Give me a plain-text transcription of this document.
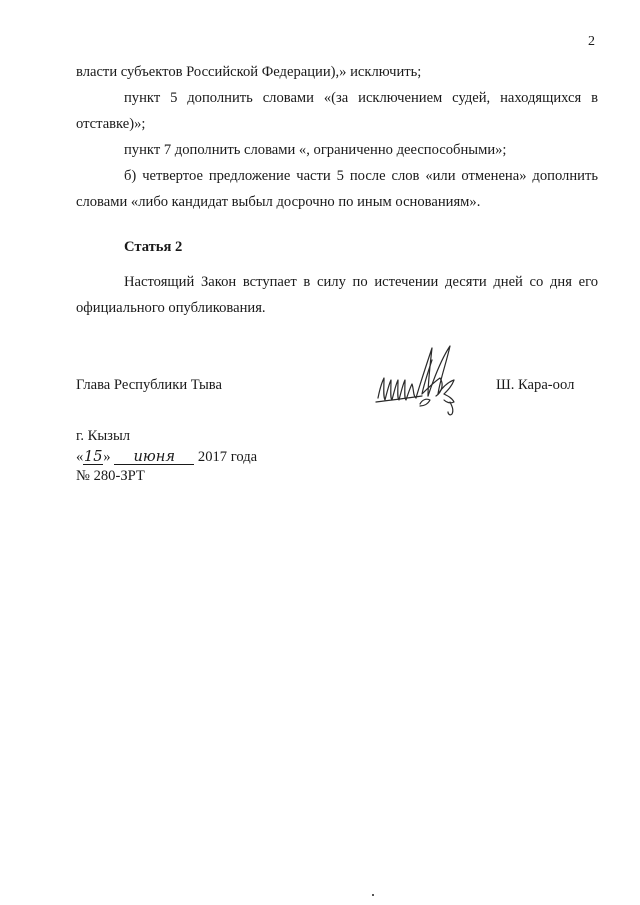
2

власти субъектов Российской Федерации),» исключить;

пункт 5 дополнить словами «(за исключением судей, находящихся в отставке)»;

пункт 7 дополнить словами «, ограниченно дееспособными»;

б) четвертое предложение части 5 после слов «или отменена» дополнить словами «либо кандидат выбыл досрочно по иным основаниям».

Статья 2

Настоящий Закон вступает в силу по истечении десяти дней со дня его официального опубликования.

Глава Республики Тыва	Ш. Кара-оол
г. Кызыл
«15» июня 2017 года
№ 280-ЗРТ
